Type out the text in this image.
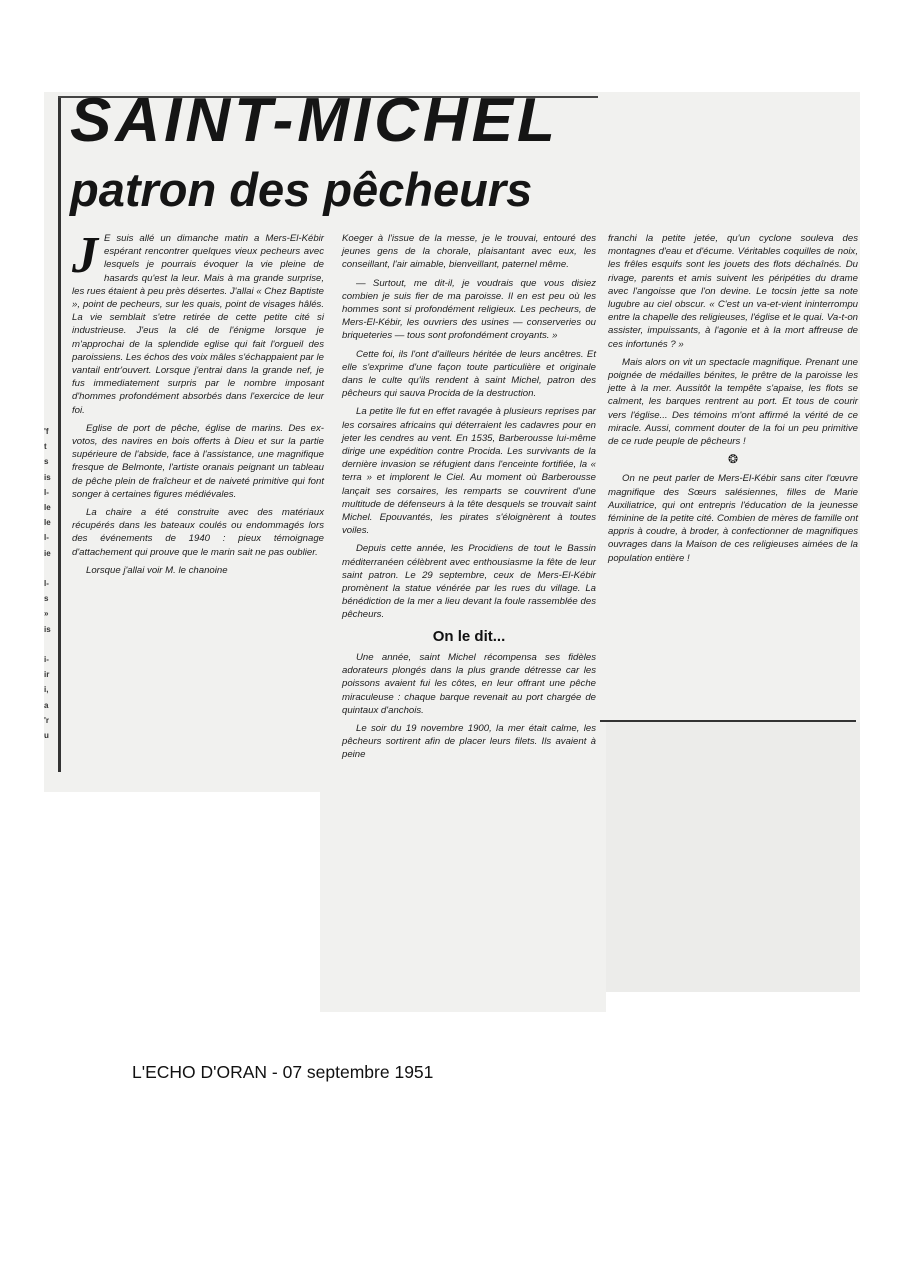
SAINT-MICHEL
patron des pêcheurs
'f
t
s
is
l-
le
le
l-
ie

l-
s
»
is

i-
ir
i,
a
'r
u
J E suis allé un dimanche matin a Mers-El-Kébir espérant rencontrer quelques vieux pecheurs avec lesquels je pourrais évoquer la vie pleine de hasards qu'est la leur. Mais à ma grande surprise, les rues étaient à peu près désertes. J'allai « Chez Baptiste », point de pecheurs, sur les quais, point de visages hâlés. La vie semblait s'etre retirée de cette petite cité si industrieuse. J'eus la clé de l'énigme lorsque je m'approchai de la splendide eglise qui fait l'orgueil des paroissiens. Les échos des voix mâles s'échappaient par le vantail entr'ouvert. Lorsque j'entrai dans la grande nef, je fus immediatement surpris par le nombre imposant d'hommes profondément absorbés dans l'exercice de leur foi.

Eglise de port de pêche, église de marins. Des ex-votos, des navires en bois offerts à Dieu et sur la partie supérieure de l'abside, face à l'assistance, une magnifique fresque de Belmonte, l'artiste oranais peignant un tableau de pêche plein de fraîcheur et de naiveté primitive qui font songer à certaines figures médiévales.

La chaire a été construite avec des matériaux récupérés dans les bateaux coulés ou endommagés lors des événements de 1940 : pieux témoignage d'attachement qui prouve que le marin sait ne pas oublier.

Lorsque j'allai voir M. le chanoine

Koeger à l'issue de la messe, je le trouvai, entouré des jeunes gens de la chorale, plaisantant avec eux, les conseillant, l'air aimable, bienveillant, paternel même.

— Surtout, me dit-il, je voudrais que vous disiez combien je suis fier de ma paroisse. Il en est peu où les hommes sont si profondément religieux. Les pecheurs, de Mers-El-Kébir, les ouvriers des usines — conserveries ou briqueteries — tous sont profondément croyants. »

Cette foi, ils l'ont d'ailleurs héritée de leurs ancêtres. Et elle s'exprime d'une façon toute particulière et originale dans le culte qu'ils rendent à saint Michel, patron des pêcheurs qui sauva Procida de la destruction.

La petite île fut en effet ravagée à plusieurs reprises par les corsaires africains qui déterraient les cadavres pour en jeter les cendres au vent. En 1535, Barberousse lui-même dirige une expédition contre Procida. Les survivants de la dernière invasion se réfugient dans l'enceinte fortifiée, la « terra » et implorent le Ciel. Au moment où Barberousse lançait ses corsaires, les remparts se couvrirent d'une multitude de défenseurs à la tête desquels se trouvait saint Michel. Epouvantés, les pirates s'éloignèrent à toutes voiles.

Depuis cette année, les Procidiens de tout le Bassin méditerranéen célèbrent avec enthousiasme la fête de leur saint patron. Le 29 septembre, ceux de Mers-El-Kébir promènent la statue vénérée par les rues du village. La bénédiction de la mer a lieu devant la foule rassemblée des pêcheurs.

On le dit...

Une année, saint Michel récompensa ses fidèles adorateurs plongés dans la plus grande détresse car les poissons avaient fui les côtes, en leur offrant une pêche miraculeuse : chaque barque revenait au port chargée de quintaux d'anchois.

Le soir du 19 novembre 1900, la mer était calme, les pêcheurs sortirent afin de placer leurs filets. Ils avaient à peine

franchi la petite jetée, qu'un cyclone souleva des montagnes d'eau et d'écume. Véritables coquilles de noix, les frêles esquifs sont les jouets des flots déchaînés. Du rivage, parents et amis suivent les péripéties du drame avec l'angoisse que l'on devine. Le tocsin jette sa note lugubre au ciel obscur. « C'est un va-et-vient ininterrompu entre la chapelle des religieuses, l'église et le quai. Va-t-on assister, impuissants, à l'agonie et à la mort affreuse de ces infortunés ? »

Mais alors on vit un spectacle magnifique. Prenant une poignée de médailles bénites, le prêtre de la paroisse les jette à la mer. Aussitôt la tempête s'apaise, les flots se calment, les barques rentrent au port. Et tous de courir vers l'église... Des témoins m'ont affirmé la vérité de ce miracle. Aussi, comment douter de la foi un peu primitive de ce rude peuple de pêcheurs !

❂

On ne peut parler de Mers-El-Kébir sans citer l'œuvre magnifique des Sœurs salésiennes, filles de Marie Auxiliatrice, qui ont entrepris l'éducation de la jeunesse féminine de la petite cité. Combien de mères de famille ont appris à coudre, à broder, à confectionner de magnifiques ouvrages dans la Maison de ces religieuses aimées de la population entière !

L'ECHO D'ORAN - 07 septembre 1951
